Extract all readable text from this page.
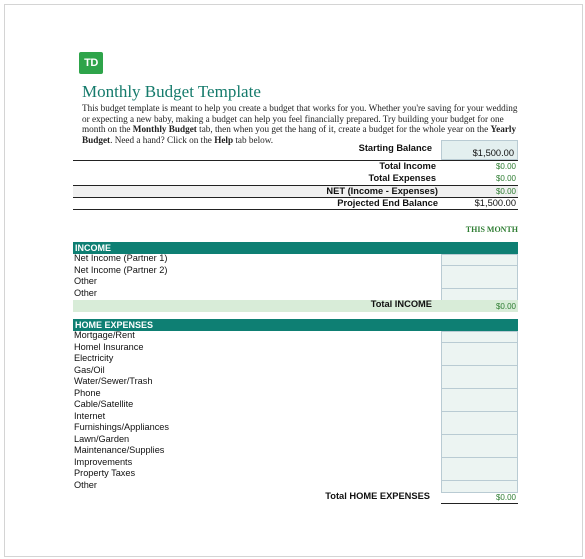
TD
Monthly Budget Template
This budget template is meant to help you create a budget that works for you. Whether you're saving for your wedding or expecting a new baby, making a budget can help you feel financially prepared. Try building your budget for one month on the Monthly Budget tab, then when you get the hang of it, create a budget for the whole year on the Yearly Budget. Need a hand? Click on the Help tab below.
Starting Balance	$1,500.00
Total Income	$0.00
Total Expenses	$0.00
NET (Income - Expenses)	$0.00
Projected End Balance	$1,500.00
THIS MONTH
INCOME
Net Income (Partner 1)
Net Income (Partner 2)
Other
Other
Total INCOME	$0.00
HOME EXPENSES
Mortgage/Rent
Homel Insurance
Electricity
Gas/Oil
Water/Sewer/Trash
Phone
Cable/Satellite
Internet
Furnishings/Appliances
Lawn/Garden
Maintenance/Supplies
Improvements
Property Taxes
Other
Total HOME EXPENSES	$0.00
